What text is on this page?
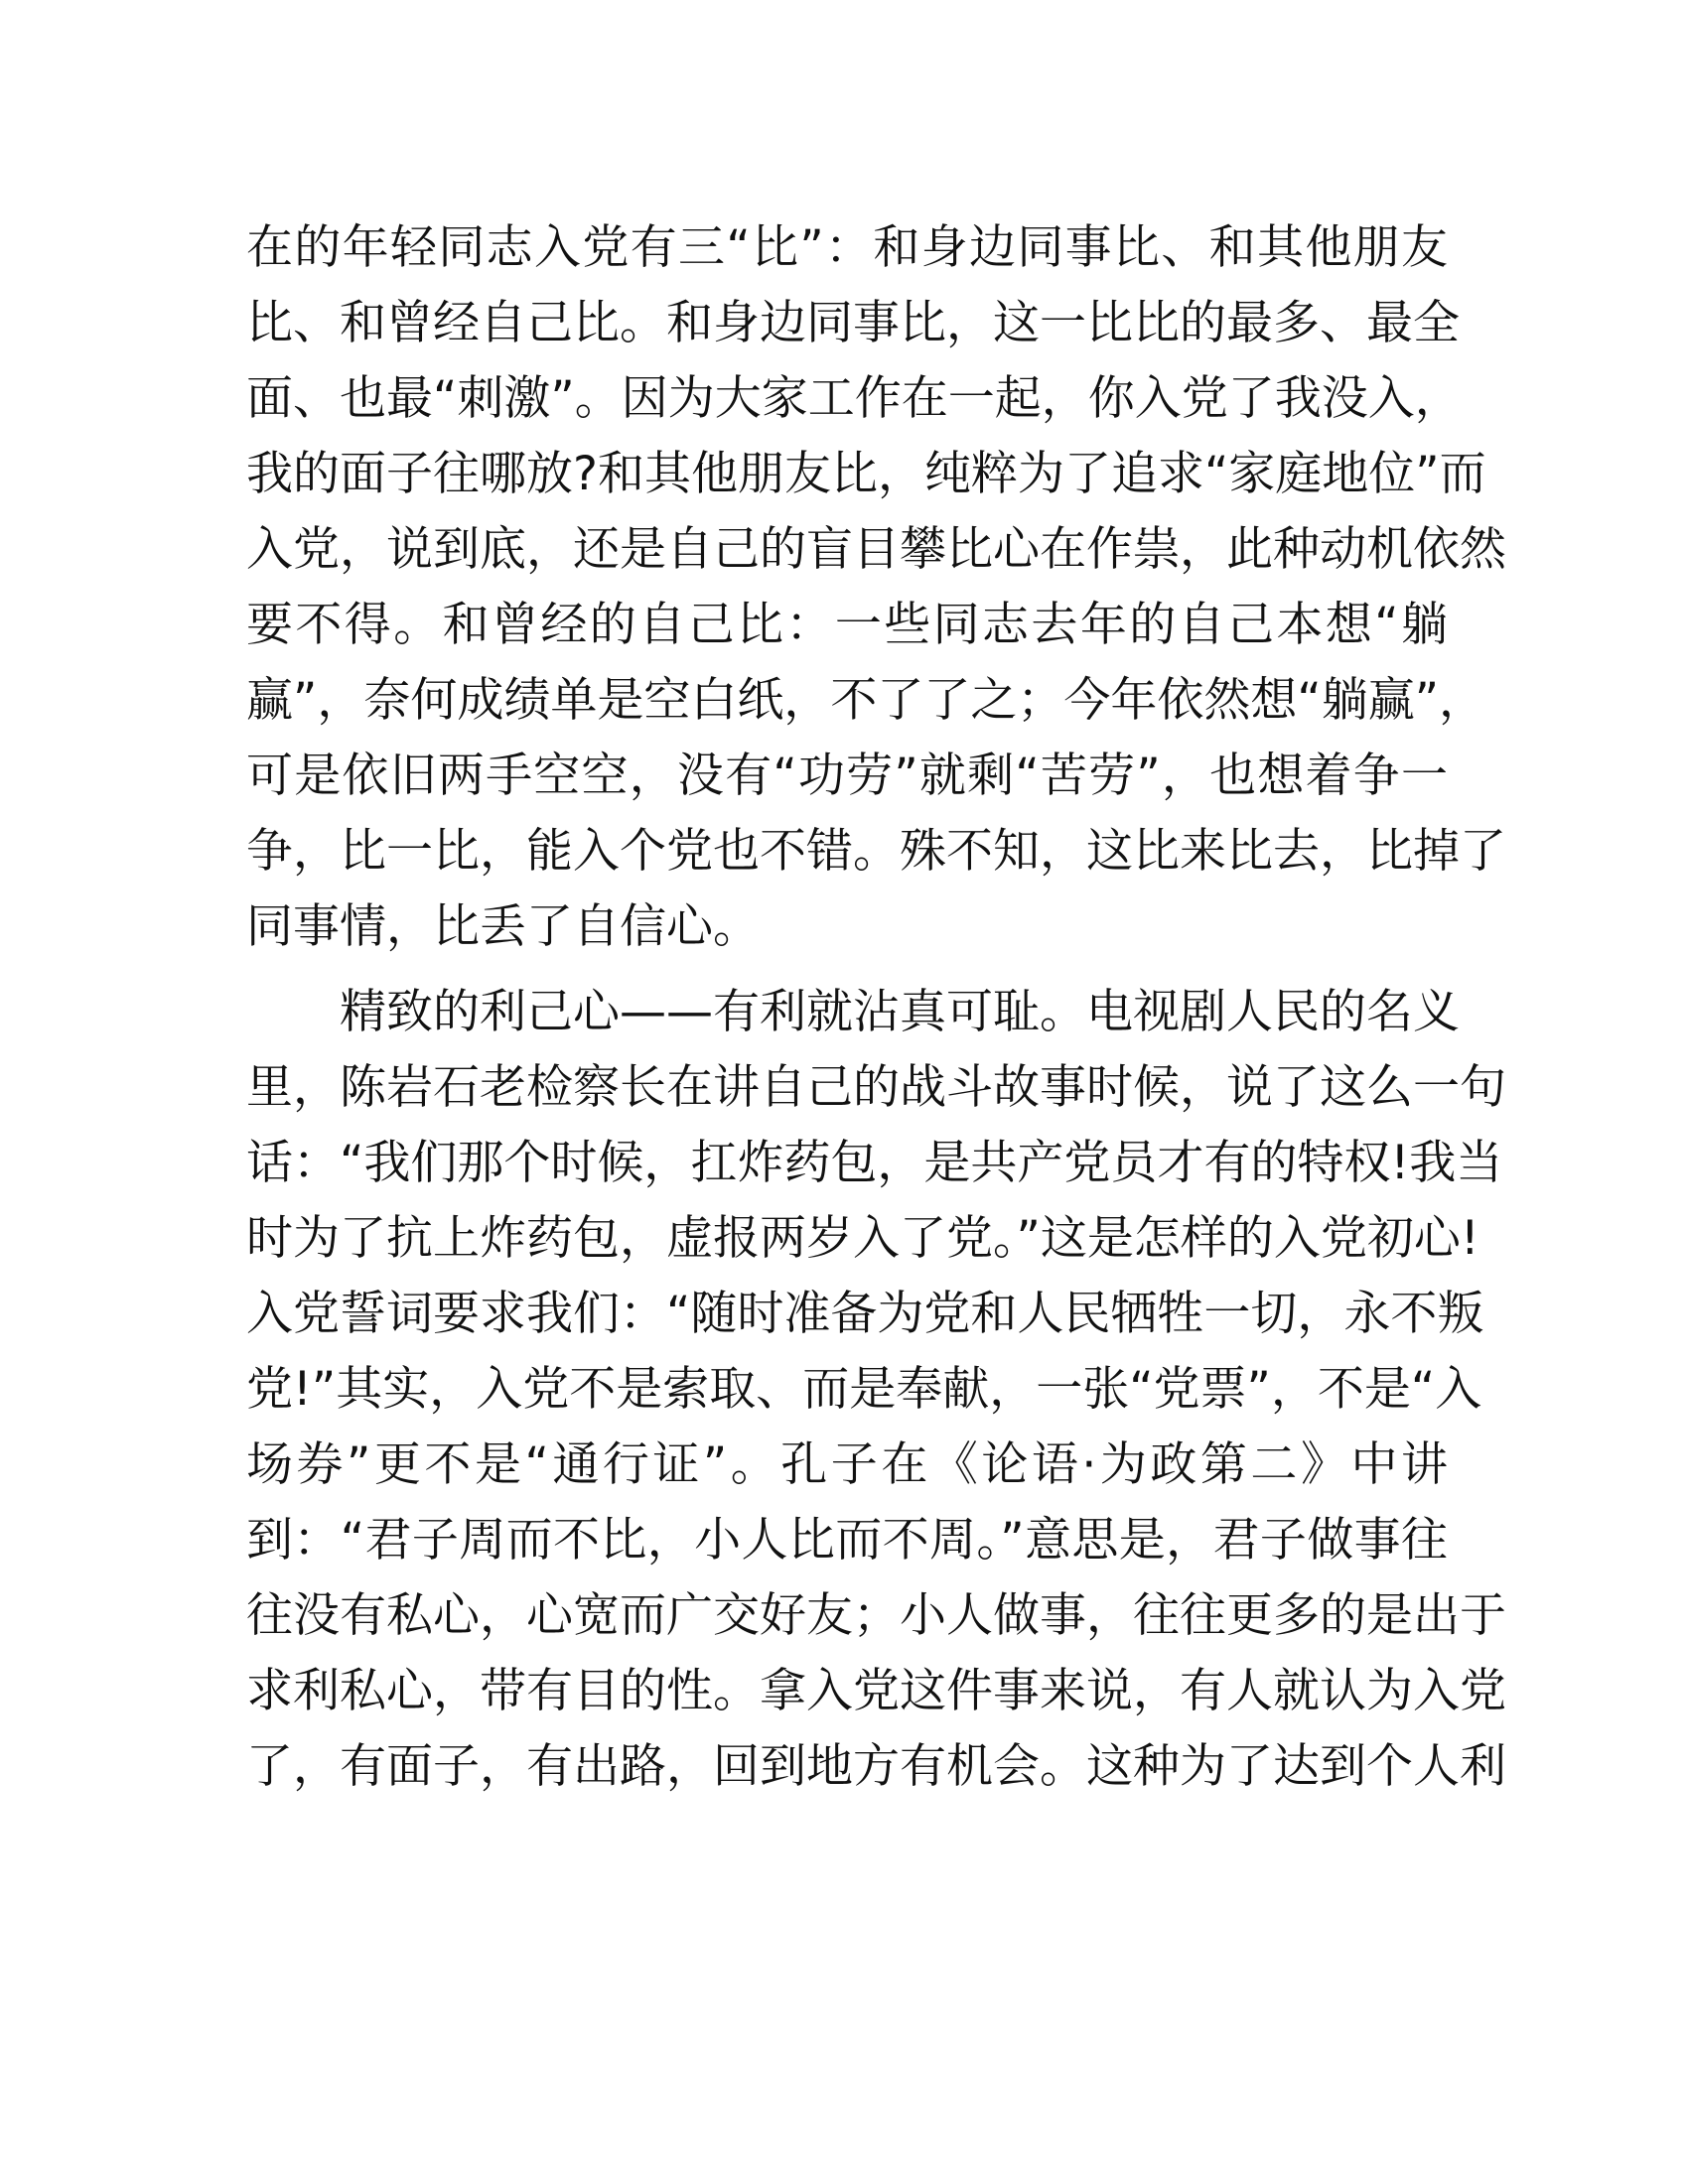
在的年轻同志入党有三“比”：和身边同事比、和其他朋友
比、和曾经自己比。和身边同事比，这一比比的最多、最全
面、也最“刺激”。因为大家工作在一起，你入党了我没入，
我的面子往哪放?和其他朋友比，纯粹为了追求“家庭地位”而
入党，说到底，还是自己的盲目攀比心在作祟，此种动机依然
要不得。和曾经的自己比：一些同志去年的自己本想“躺
赢”，奈何成绩单是空白纸，不了了之；今年依然想“躺赢”，
可是依旧两手空空，没有“功劳”就剩“苦劳”，也想着争一
争，比一比，能入个党也不错。殊不知，这比来比去，比掉了
同事情，比丢了自信心。

精致的利己心——有利就沾真可耻。电视剧人民的名义
里，陈岩石老检察长在讲自己的战斗故事时候，说了这么一句
话：“我们那个时候，扛炸药包，是共产党员才有的特权!我当
时为了抗上炸药包，虚报两岁入了党。”这是怎样的入党初心!
入党誓词要求我们：“随时准备为党和人民牺牲一切，永不叛
党!”其实，入党不是索取、而是奉献，一张“党票”，不是“入
场券”更不是“通行证”。孔子在《论语·为政第二》中讲
到：“君子周而不比，小人比而不周。”意思是，君子做事往
往没有私心，心宽而广交好友；小人做事，往往更多的是出于
求利私心，带有目的性。拿入党这件事来说，有人就认为入党
了，有面子，有出路，回到地方有机会。这种为了达到个人利
